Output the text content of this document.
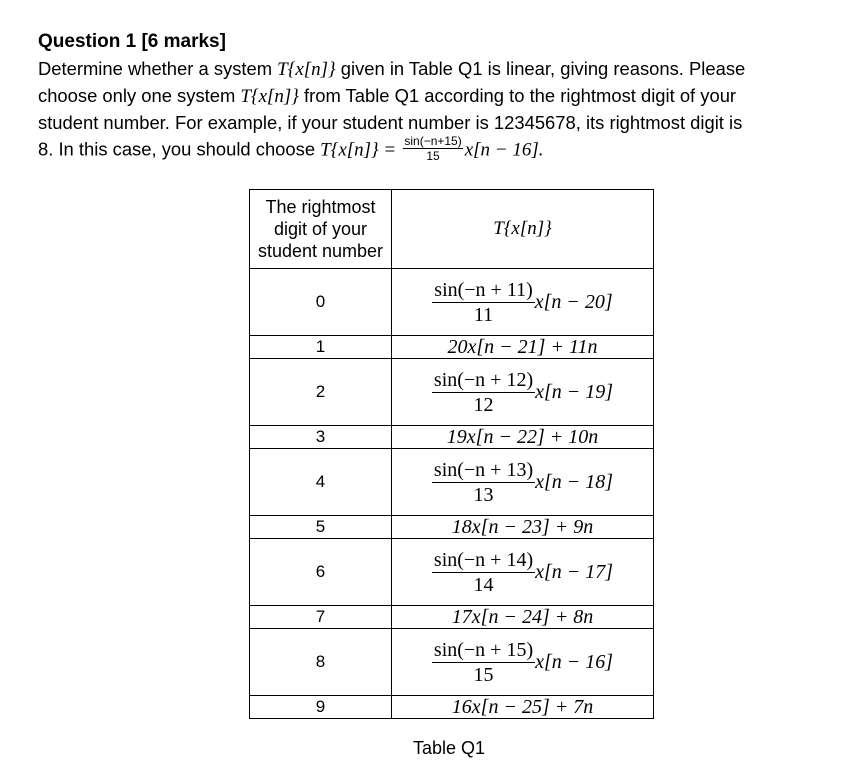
Question 1 [6 marks]
Determine whether a system T{x[n]} given in Table Q1 is linear, giving reasons. Please
choose only one system T{x[n]} from Table Q1 according to the rightmost digit of your
student number. For example, if your student number is 12345678, its rightmost digit is
8. In this case, you should choose $T\{x[n]\} = \frac{\sin(-n+15)}{15} x[n - 16]$.
The rightmost digit of your student number	T{x[n]}
0	$\frac{\sin(-n + 11)}{11} x[n - 20]$
1	20x[n − 21] + 11n
2	$\frac{\sin(-n + 12)}{12} x[n - 19]$
3	19x[n − 22] + 10n
4	$\frac{\sin(-n + 13)}{13} x[n - 18]$
5	18x[n − 23] + 9n
6	$\frac{\sin(-n + 14)}{14} x[n - 17]$
7	17x[n − 24] + 8n
8	$\frac{\sin(-n + 15)}{15} x[n - 16]$
9	16x[n − 25] + 7n
Table Q1
